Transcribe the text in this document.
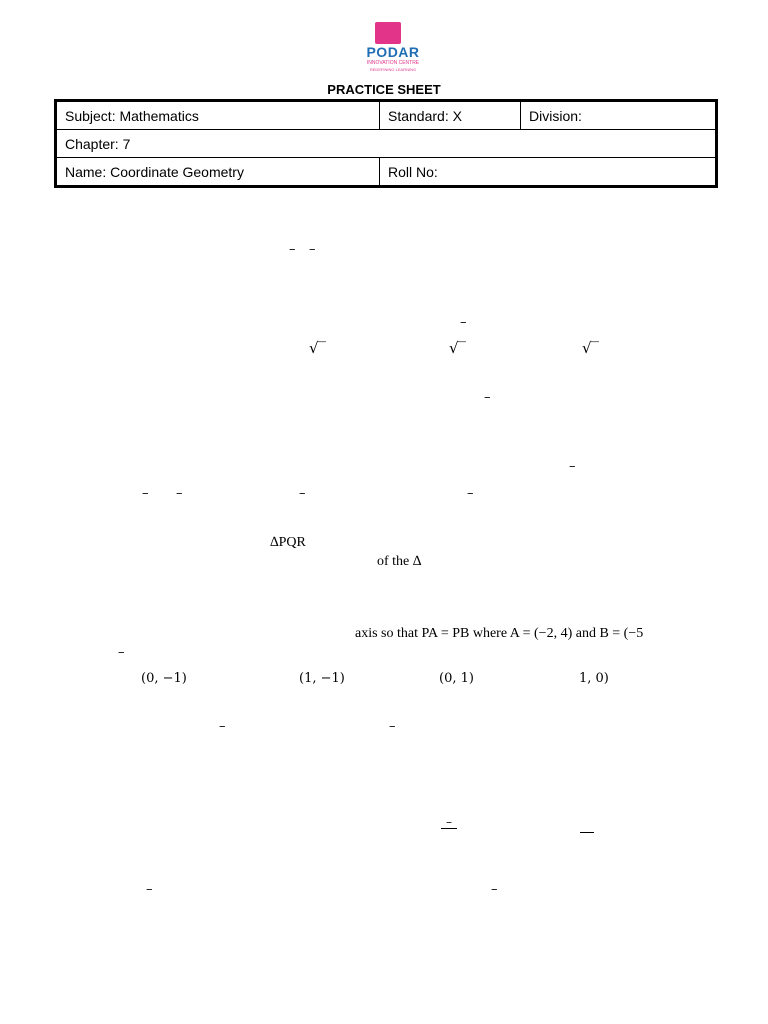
PODAR
INNOVATION CENTRE
REDEFINING LEARNING
PRACTICE SHEET
Subject: Mathematics	Standard: X	Division:
Chapter: 7		
Name: Coordinate Geometry	Roll No:	
– –
–
√‾	√‾	√‾
–
–
– –	–	–
∆PQR
of the ∆
axis so that PA = PB where A = (−2, 4) and B = (−5
–
(0, −1)	(1, −1)	(0, 1)	1, 0)
–	–
–
–	–
